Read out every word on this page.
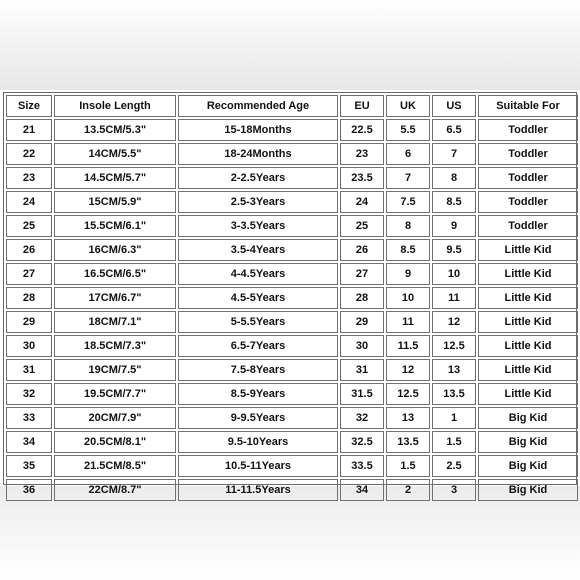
Size	Insole Length	Recommended Age	EU	UK	US	Suitable For
21	13.5CM/5.3"	15-18Months	22.5	5.5	6.5	Toddler
22	14CM/5.5"	18-24Months	23	6	7	Toddler
23	14.5CM/5.7"	2-2.5Years	23.5	7	8	Toddler
24	15CM/5.9"	2.5-3Years	24	7.5	8.5	Toddler
25	15.5CM/6.1"	3-3.5Years	25	8	9	Toddler
26	16CM/6.3"	3.5-4Years	26	8.5	9.5	Little Kid
27	16.5CM/6.5"	4-4.5Years	27	9	10	Little Kid
28	17CM/6.7"	4.5-5Years	28	10	11	Little Kid
29	18CM/7.1"	5-5.5Years	29	11	12	Little Kid
30	18.5CM/7.3"	6.5-7Years	30	11.5	12.5	Little Kid
31	19CM/7.5"	7.5-8Years	31	12	13	Little Kid
32	19.5CM/7.7"	8.5-9Years	31.5	12.5	13.5	Little Kid
33	20CM/7.9"	9-9.5Years	32	13	1	Big Kid
34	20.5CM/8.1"	9.5-10Years	32.5	13.5	1.5	Big Kid
35	21.5CM/8.5"	10.5-11Years	33.5	1.5	2.5	Big Kid
36	22CM/8.7"	11-11.5Years	34	2	3	Big Kid
